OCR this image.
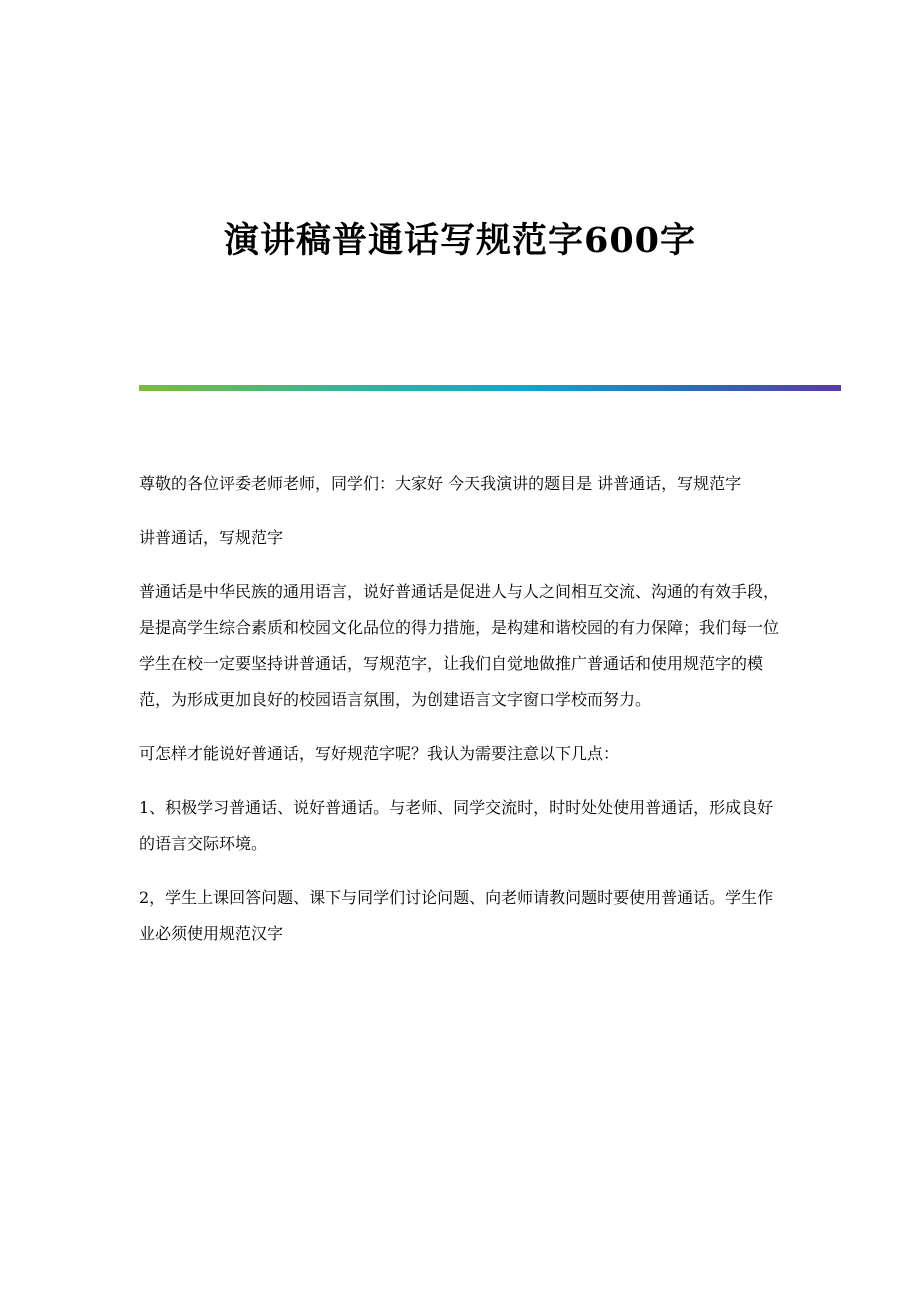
演讲稿普通话写规范字600字

尊敬的各位评委老师老师，同学们：大家好 今天我演讲的题目是 讲普通话，写规范字

讲普通话，写规范字

普通话是中华民族的通用语言，说好普通话是促进人与人之间相互交流、沟通的有效手段，是提高学生综合素质和校园文化品位的得力措施，是构建和谐校园的有力保障；我们每一位学生在校一定要坚持讲普通话，写规范字，让我们自觉地做推广普通话和使用规范字的模范，为形成更加良好的校园语言氛围，为创建语言文字窗口学校而努力。

可怎样才能说好普通话，写好规范字呢？我认为需要注意以下几点：

1、积极学习普通话、说好普通话。与老师、同学交流时，时时处处使用普通话，形成良好的语言交际环境。

2，学生上课回答问题、课下与同学们讨论问题、向老师请教问题时要使用普通话。学生作业必须使用规范汉字
